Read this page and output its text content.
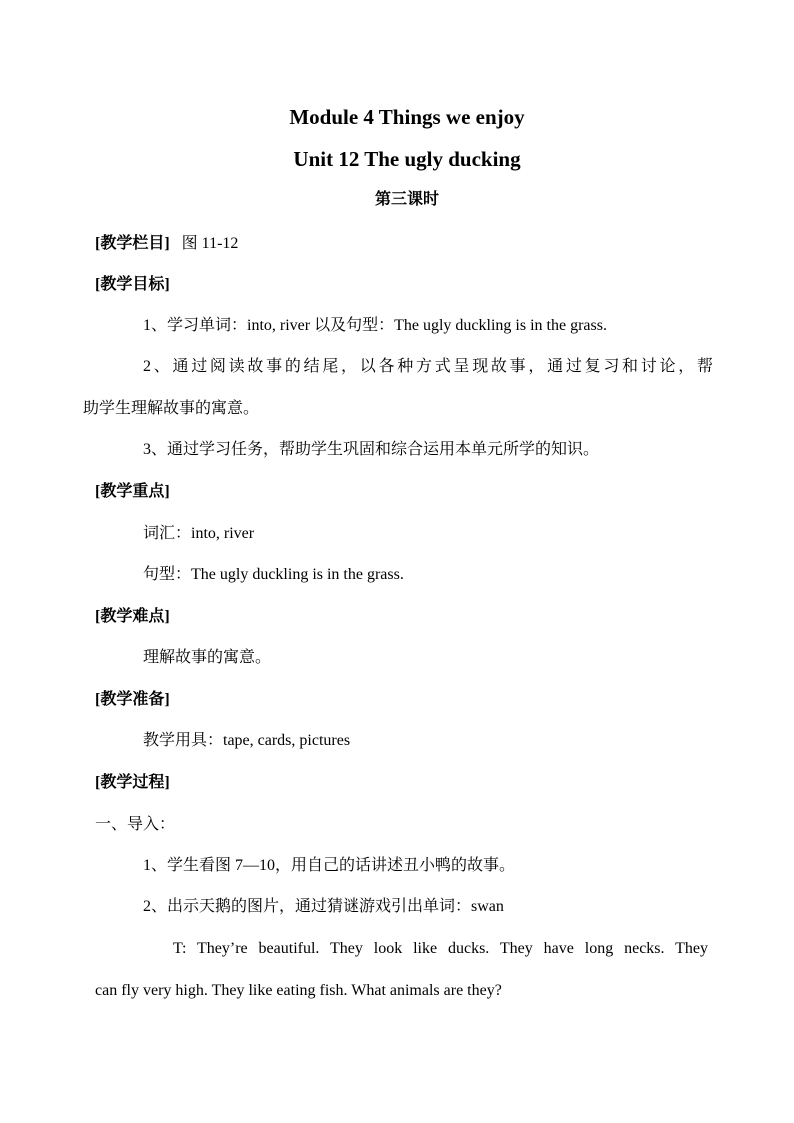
Module 4 Things we enjoy
Unit 12 The ugly ducking
第三课时
[教学栏目] 图 11-12
[教学目标]
1、学习单词：into, river 以及句型：The ugly duckling is in the grass.
2、通过阅读故事的结尾，以各种方式呈现故事，通过复习和讨论，帮
助学生理解故事的寓意。
3、通过学习任务，帮助学生巩固和综合运用本单元所学的知识。
[教学重点]
词汇：into, river
句型：The ugly duckling is in the grass.
[教学难点]
理解故事的寓意。
[教学准备]
教学用具：tape, cards, pictures
[教学过程]
一、导入：
1、学生看图 7—10，用自己的话讲述丑小鸭的故事。
2、出示天鹅的图片，通过猜谜游戏引出单词：swan
T: They’re beautiful. They look like ducks. They have long necks. They
can fly very high. They like eating fish. What animals are they?
